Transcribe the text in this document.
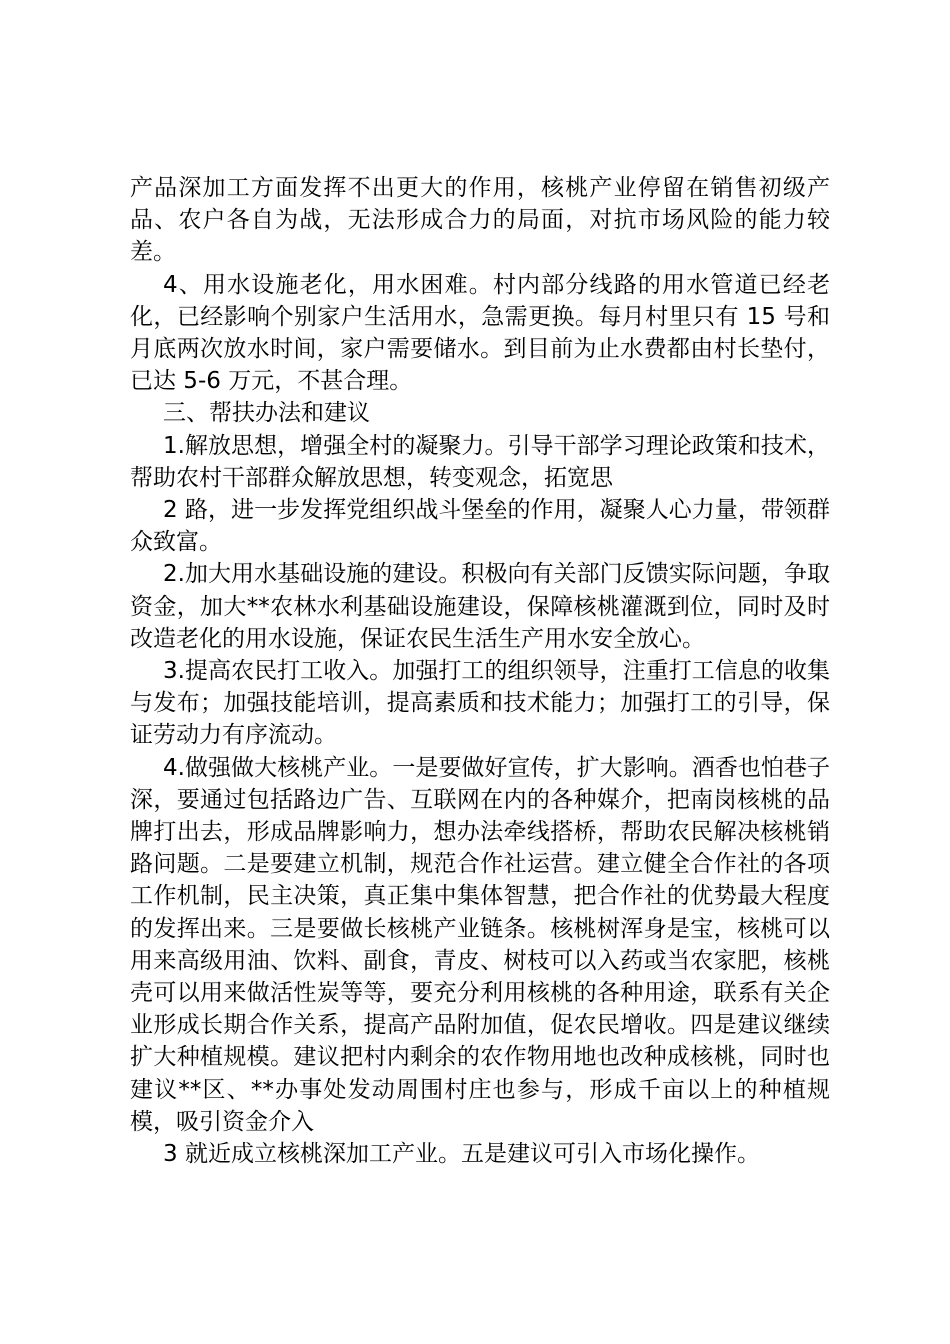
产品深加工方面发挥不出更大的作用，核桃产业停留在销售初级产品、农户各自为战，无法形成合力的局面，对抗市场风险的能力较差。

4、用水设施老化，用水困难。村内部分线路的用水管道已经老化，已经影响个别家户生活用水，急需更换。每月村里只有 15 号和月底两次放水时间，家户需要储水。到目前为止水费都由村长垫付，已达 5-6 万元，不甚合理。

三、帮扶办法和建议

1.解放思想，增强全村的凝聚力。引导干部学习理论政策和技术，帮助农村干部群众解放思想，转变观念，拓宽思

2 路，进一步发挥党组织战斗堡垒的作用，凝聚人心力量，带领群众致富。

2.加大用水基础设施的建设。积极向有关部门反馈实际问题，争取资金，加大**农林水利基础设施建设，保障核桃灌溉到位，同时及时改造老化的用水设施，保证农民生活生产用水安全放心。

3.提高农民打工收入。加强打工的组织领导，注重打工信息的收集与发布；加强技能培训，提高素质和技术能力；加强打工的引导，保证劳动力有序流动。

4.做强做大核桃产业。一是要做好宣传，扩大影响。酒香也怕巷子深，要通过包括路边广告、互联网在内的各种媒介，把南岗核桃的品牌打出去，形成品牌影响力，想办法牵线搭桥，帮助农民解决核桃销路问题。二是要建立机制，规范合作社运营。建立健全合作社的各项工作机制，民主决策，真正集中集体智慧，把合作社的优势最大程度的发挥出来。三是要做长核桃产业链条。核桃树浑身是宝，核桃可以用来高级用油、饮料、副食，青皮、树枝可以入药或当农家肥，核桃壳可以用来做活性炭等等，要充分利用核桃的各种用途，联系有关企业形成长期合作关系，提高产品附加值，促农民增收。四是建议继续扩大种植规模。建议把村内剩余的农作物用地也改种成核桃，同时也建议**区、**办事处发动周围村庄也参与，形成千亩以上的种植规模，吸引资金介入

3 就近成立核桃深加工产业。五是建议可引入市场化操作。
